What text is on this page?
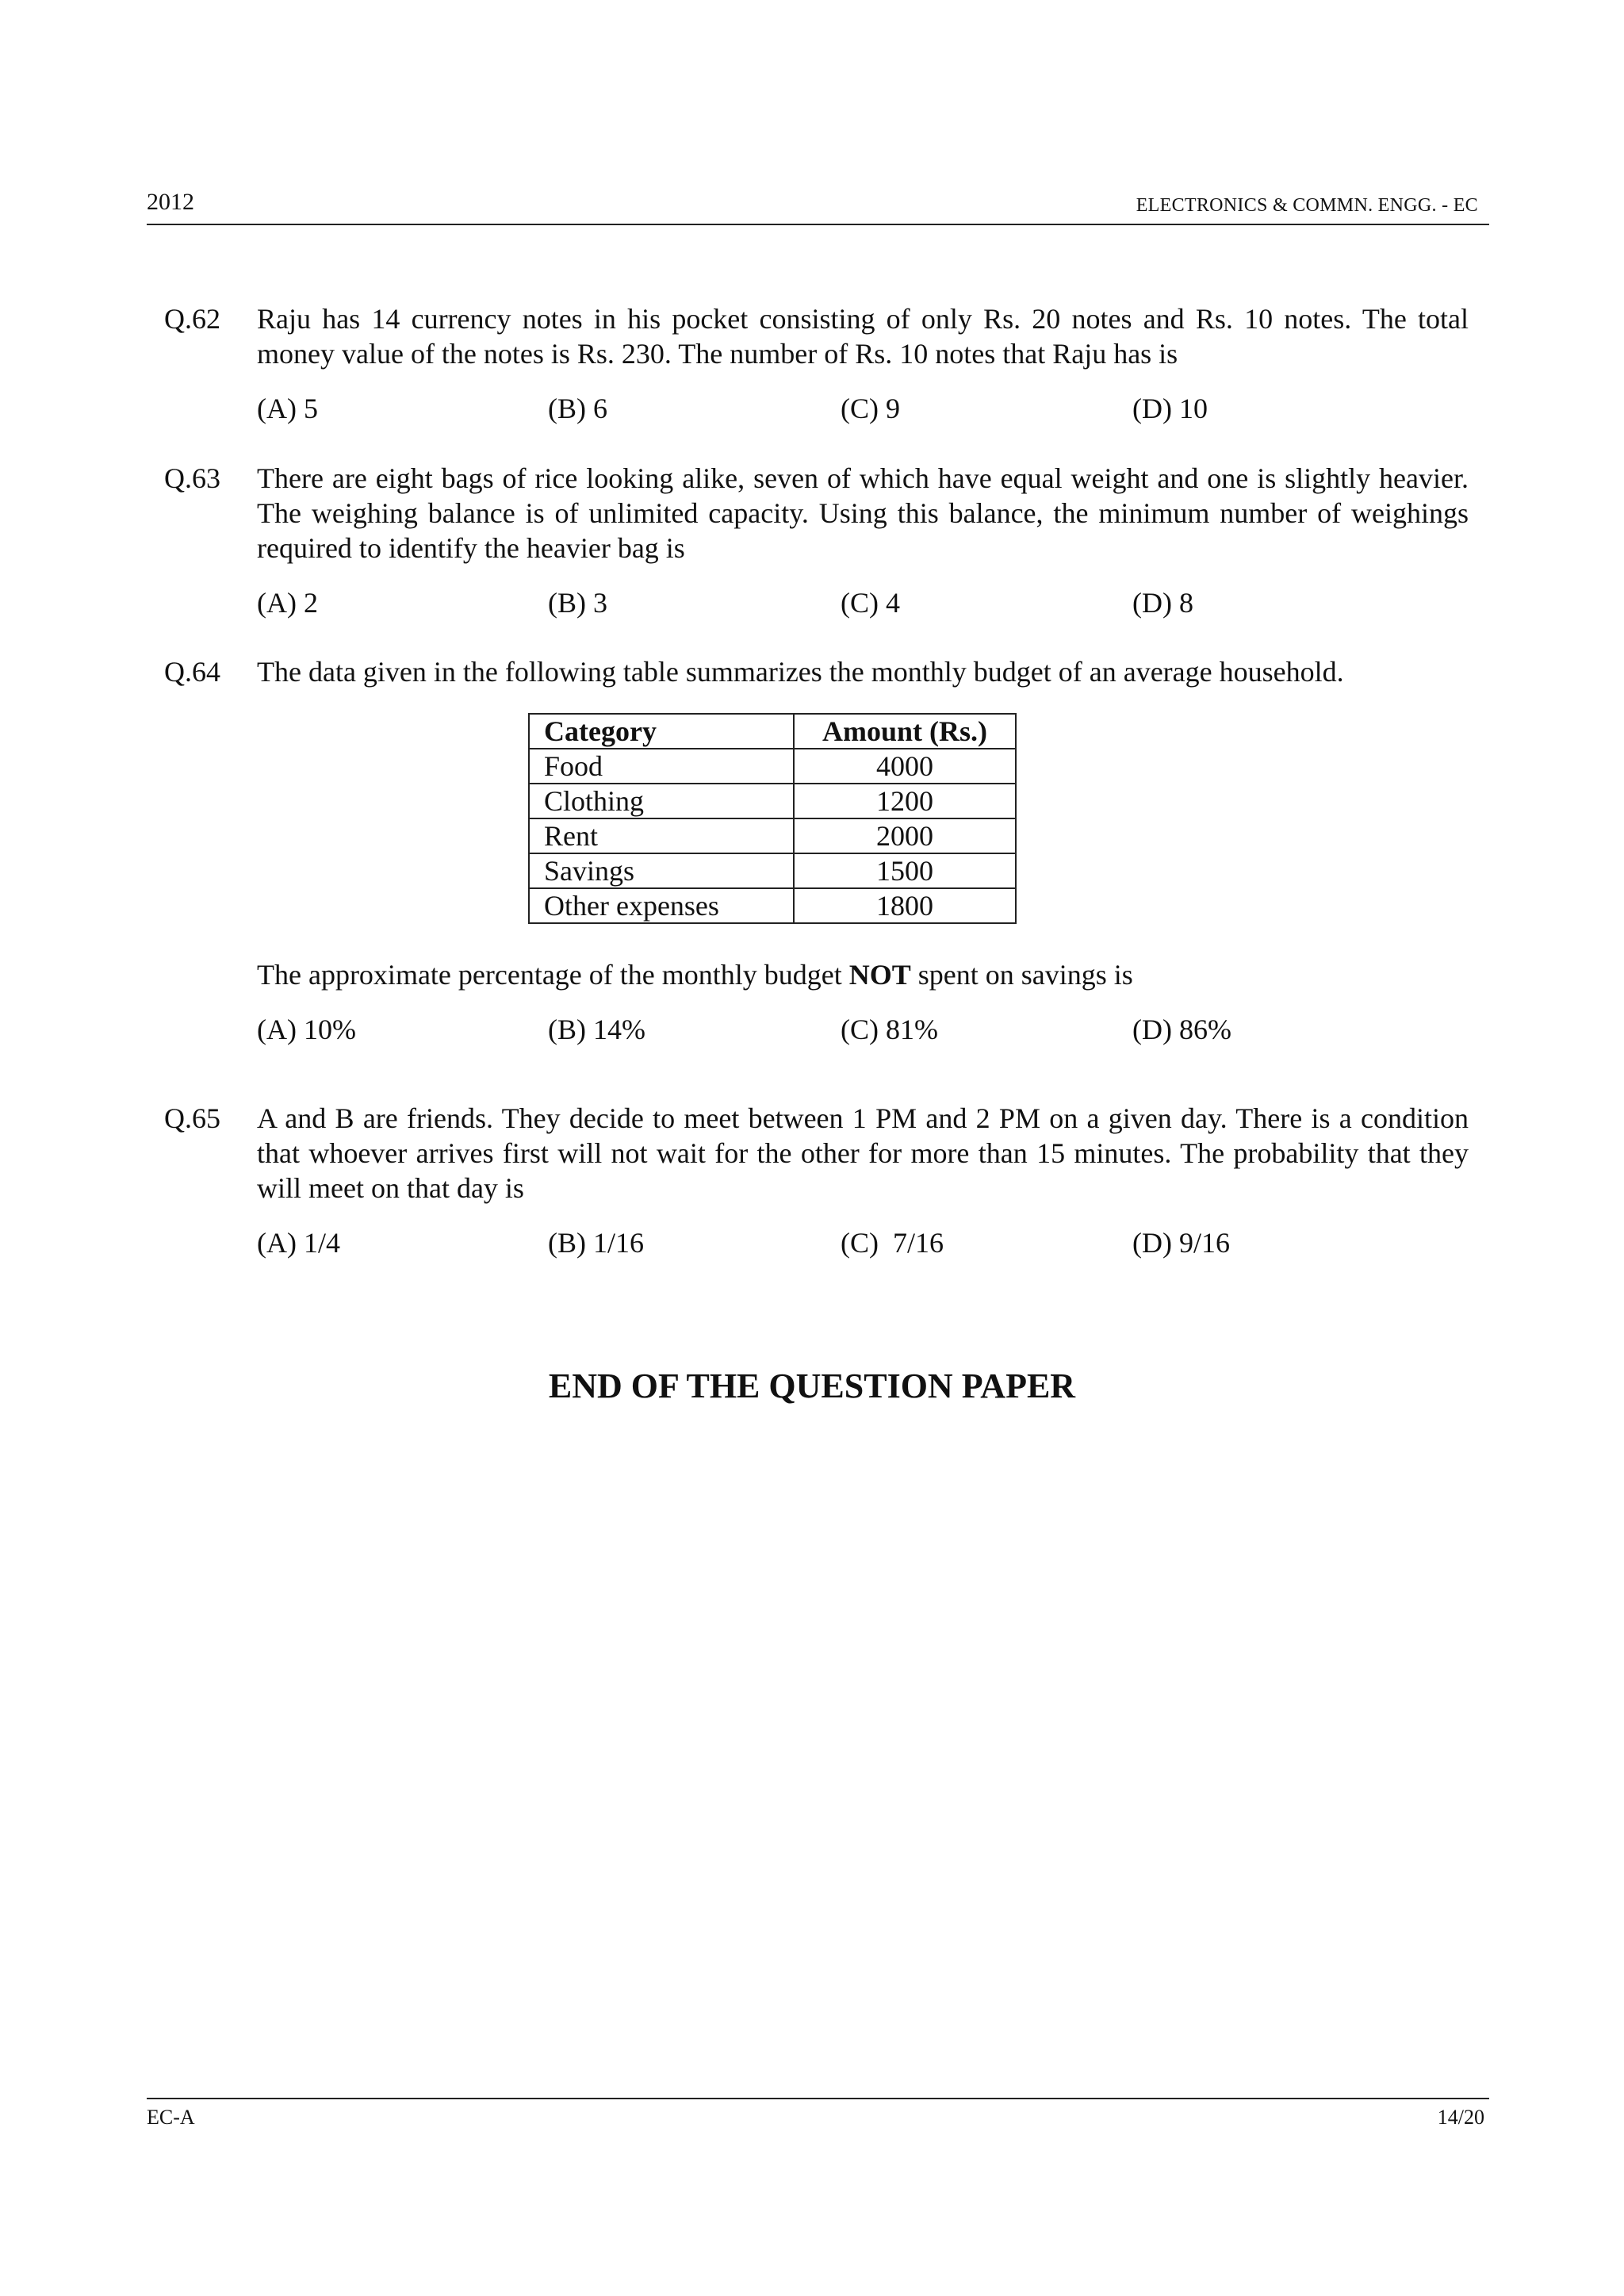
2012	ELECTRONICS & COMMN. ENGG. - EC
Q.62 Raju has 14 currency notes in his pocket consisting of only Rs. 20 notes and Rs. 10 notes. The total money value of the notes is Rs. 230. The number of Rs. 10 notes that Raju has is
(A) 5	(B) 6	(C) 9	(D) 10
Q.63 There are eight bags of rice looking alike, seven of which have equal weight and one is slightly heavier. The weighing balance is of unlimited capacity. Using this balance, the minimum number of weighings required to identify the heavier bag is
(A) 2	(B) 3	(C) 4	(D) 8
Q.64 The data given in the following table summarizes the monthly budget of an average household.
Category	Amount (Rs.)
Food	4000
Clothing	1200
Rent	2000
Savings	1500
Other expenses	1800
The approximate percentage of the monthly budget NOT spent on savings is
(A) 10%	(B) 14%	(C) 81%	(D) 86%
Q.65 A and B are friends. They decide to meet between 1 PM and 2 PM on a given day. There is a condition that whoever arrives first will not wait for the other for more than 15 minutes. The probability that they will meet on that day is
(A) 1/4	(B) 1/16	(C)  7/16	(D) 9/16
END OF THE QUESTION PAPER
EC-A	14/20
